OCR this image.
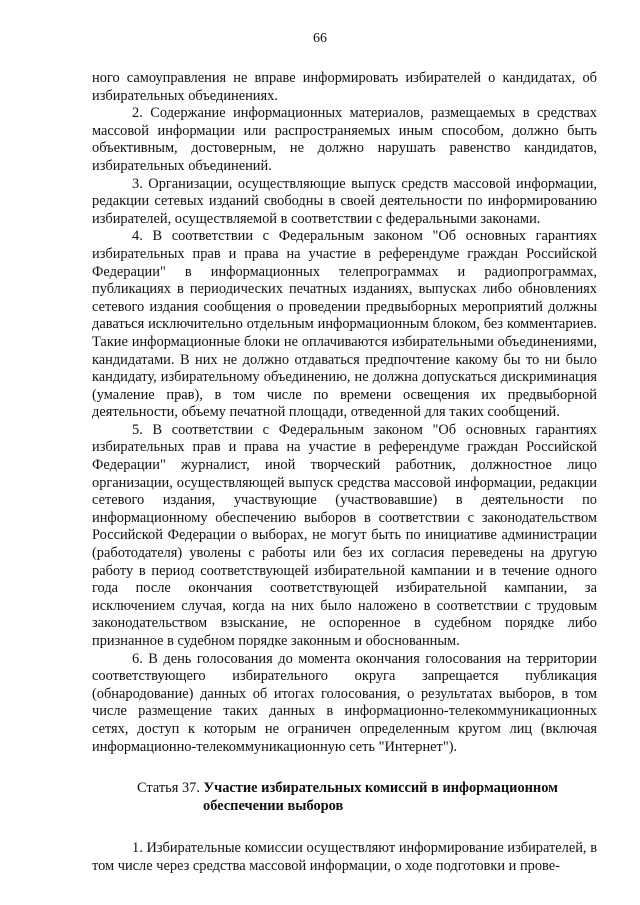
66

ного самоуправления не вправе информировать избирателей о кандидатах, об избирательных объединениях.

2. Содержание информационных материалов, размещаемых в средствах массовой информации или распространяемых иным способом, должно быть объективным, достоверным, не должно нарушать равенство кандидатов, избирательных объединений.

3. Организации, осуществляющие выпуск средств массовой информации, редакции сетевых изданий свободны в своей деятельности по информированию избирателей, осуществляемой в соответствии с федеральными законами.

4. В соответствии с Федеральным законом "Об основных гарантиях избирательных прав и права на участие в референдуме граждан Российской Федерации" в информационных телепрограммах и радиопрограммах, публикациях в периодических печатных изданиях, выпусках либо обновлениях сетевого издания сообщения о проведении предвыборных мероприятий должны даваться исключительно отдельным информационным блоком, без комментариев. Такие информационные блоки не оплачиваются избирательными объединениями, кандидатами. В них не должно отдаваться предпочтение какому бы то ни было кандидату, избирательному объединению, не должна допускаться дискриминация (умаление прав), в том числе по времени освещения их предвыборной деятельности, объему печатной площади, отведенной для таких сообщений.

5. В соответствии с Федеральным законом "Об основных гарантиях избирательных прав и права на участие в референдуме граждан Российской Федерации" журналист, иной творческий работник, должностное лицо организации, осуществляющей выпуск средства массовой информации, редакции сетевого издания, участвующие (участвовавшие) в деятельности по информационному обеспечению выборов в соответствии с законодательством Российской Федерации о выборах, не могут быть по инициативе администрации (работодателя) уволены с работы или без их согласия переведены на другую работу в период соответствующей избирательной кампании и в течение одного года после окончания соответствующей избирательной кампании, за исключением случая, когда на них было наложено в соответствии с трудовым законодательством взыскание, не оспоренное в судебном порядке либо признанное в судебном порядке законным и обоснованным.

6. В день голосования до момента окончания голосования на территории соответствующего избирательного округа запрещается публикация (обнародование) данных об итогах голосования, о результатах выборов, в том числе размещение таких данных в информационно-телекоммуникационных сетях, доступ к которым не ограничен определенным кругом лиц (включая информационно-телекоммуникационную сеть "Интернет").

Статья 37. Участие избирательных комиссий в информационном
обеспечении выборов

1. Избирательные комиссии осуществляют информирование избирателей, в том числе через средства массовой информации, о ходе подготовки и прове-
